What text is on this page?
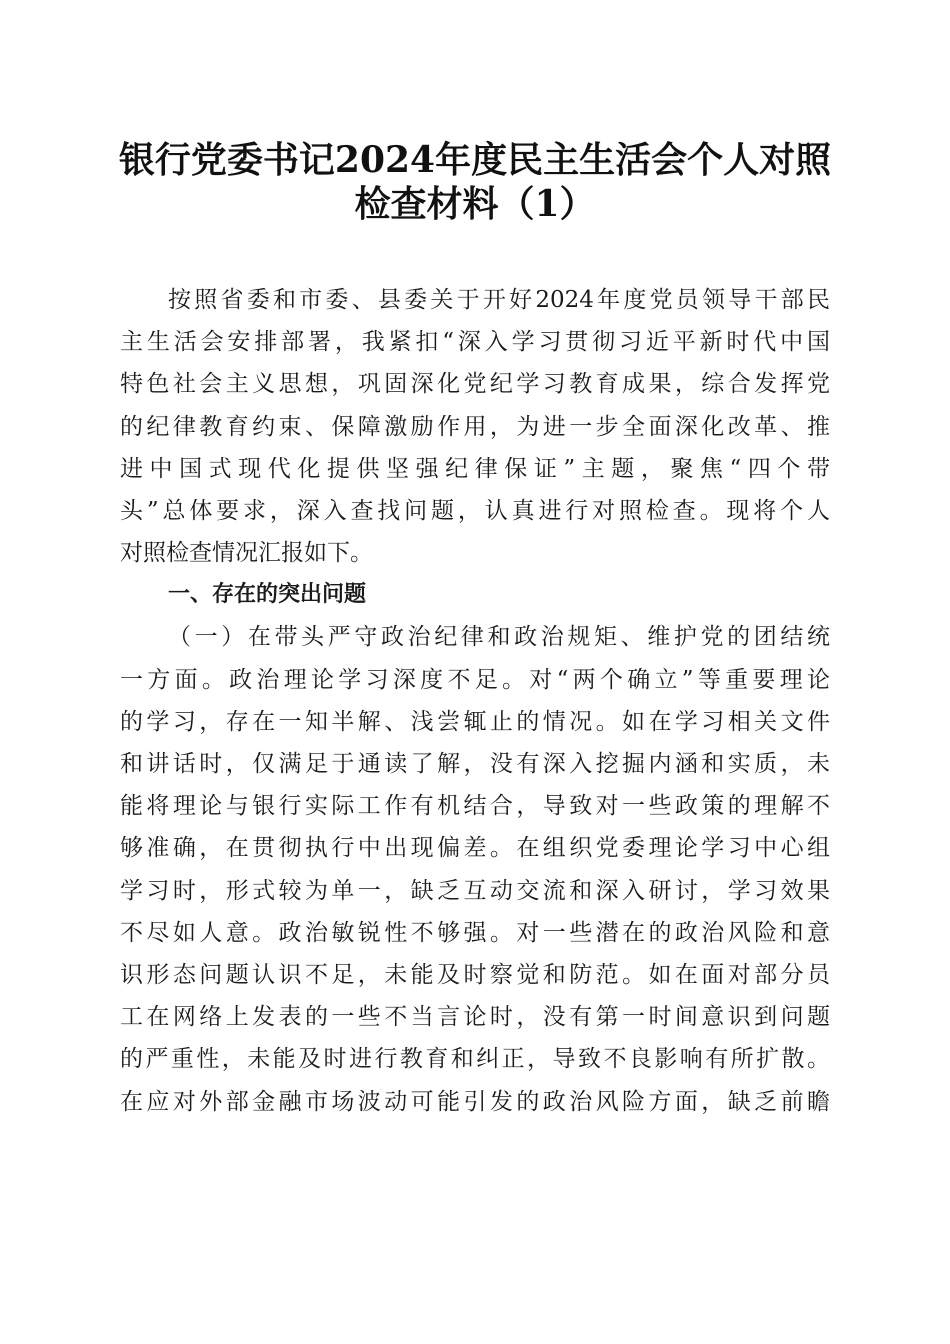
银行党委书记2024年度民主生活会个人对照
检查材料（1）
按照省委和市委、县委关于开好2024年度党员领导干部民
主生活会安排部署，我紧扣“深入学习贯彻习近平新时代中国
特色社会主义思想，巩固深化党纪学习教育成果，综合发挥党
的纪律教育约束、保障激励作用，为进一步全面深化改革、推
进中国式现代化提供坚强纪律保证”主题，聚焦“四个带
头”总体要求，深入查找问题，认真进行对照检查。现将个人
对照检查情况汇报如下。
一、存在的突出问题
（一）在带头严守政治纪律和政治规矩、维护党的团结统
一方面。政治理论学习深度不足。对“两个确立”等重要理论
的学习，存在一知半解、浅尝辄止的情况。如在学习相关文件
和讲话时，仅满足于通读了解，没有深入挖掘内涵和实质，未
能将理论与银行实际工作有机结合，导致对一些政策的理解不
够准确，在贯彻执行中出现偏差。在组织党委理论学习中心组
学习时，形式较为单一，缺乏互动交流和深入研讨，学习效果
不尽如人意。政治敏锐性不够强。对一些潜在的政治风险和意
识形态问题认识不足，未能及时察觉和防范。如在面对部分员
工在网络上发表的一些不当言论时，没有第一时间意识到问题
的严重性，未能及时进行教育和纠正，导致不良影响有所扩散。
在应对外部金融市场波动可能引发的政治风险方面，缺乏前瞻
